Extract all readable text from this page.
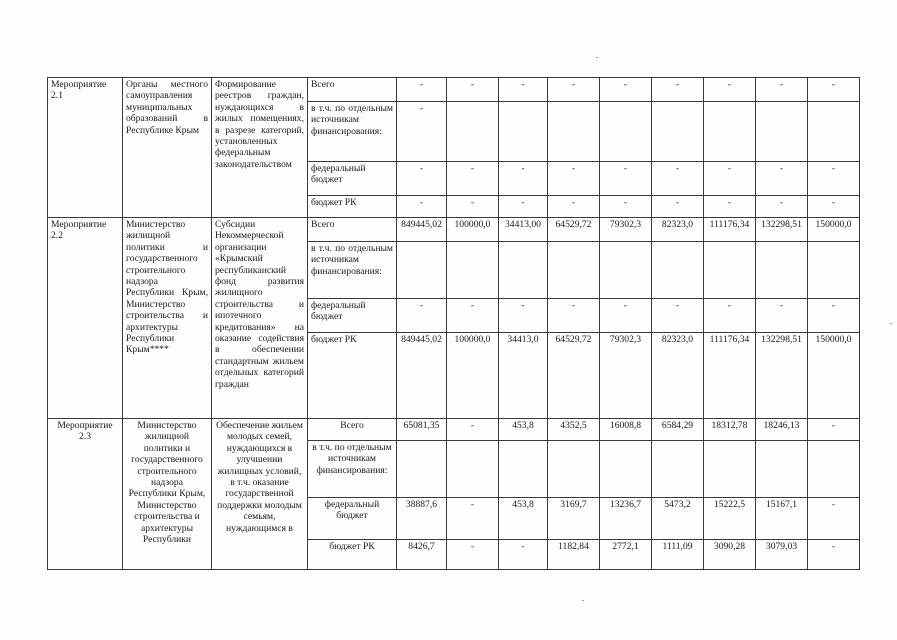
Мероприятие 2.1	Органы местного самоуправления муниципальных образований в Республике Крым	Формирование реестров граждан, нуждающихся в жилых помещениях, в разрезе категорий, установленных федеральным законодательством	Всего	-	-	-	-	-	-	-	-	-
			в т.ч. по отдельным источникам финансирования:	-								
			федеральный бюджет	-	-	-	-	-	-	-	-	-
			бюджет РК	-	-	-	-	-	-	-	-	-
Мероприятие 2.2	Министерство жилищной политики и государственного строительного надзора Республики Крым, Министерство строительства и архитектуры Республики Крым****	Субсидии Некоммерческой организации «Крымский республиканский фонд развития жилищного строительства и ипотечного кредитования» на оказание содействия в обеспечении стандартным жильем отдельных категорий граждан	Всего	849445,02	100000,0	34413,00	64529,72	79302,3	82323,0	111176,34	132298,51	150000,0
			в т.ч. по отдельным источникам финансирования:									
			федеральный бюджет	-	-	-	-	-	-	-	-	-
			бюджет РК	849445,02	100000,0	34413,0	64529,72	79302,3	82323,0	111176,34	132298,51	150000,0
Мероприятие 2.3	Министерство жилищной политики и государственного строительного надзора Республики Крым, Министерство строительства и архитектуры Республики	Обеспечение жильем молодых семей, нуждающихся в улучшении жилищных условий, в т.ч. оказание государственной поддержки молодым семьям, нуждающимся в	Всего	65081,35	-	453,8	4352,5	16008,8	6584,29	18312,78	18246,13	-
			в т.ч. по отдельным источникам финансирования:									
			федеральный бюджет	38887,6	-	453,8	3169,7	13236,7	5473,2	15222,5	15167,1	-
			бюджет РК	8426,7	-	-	1182,84	2772,1	1111,09	3090,28	3079,03	-
